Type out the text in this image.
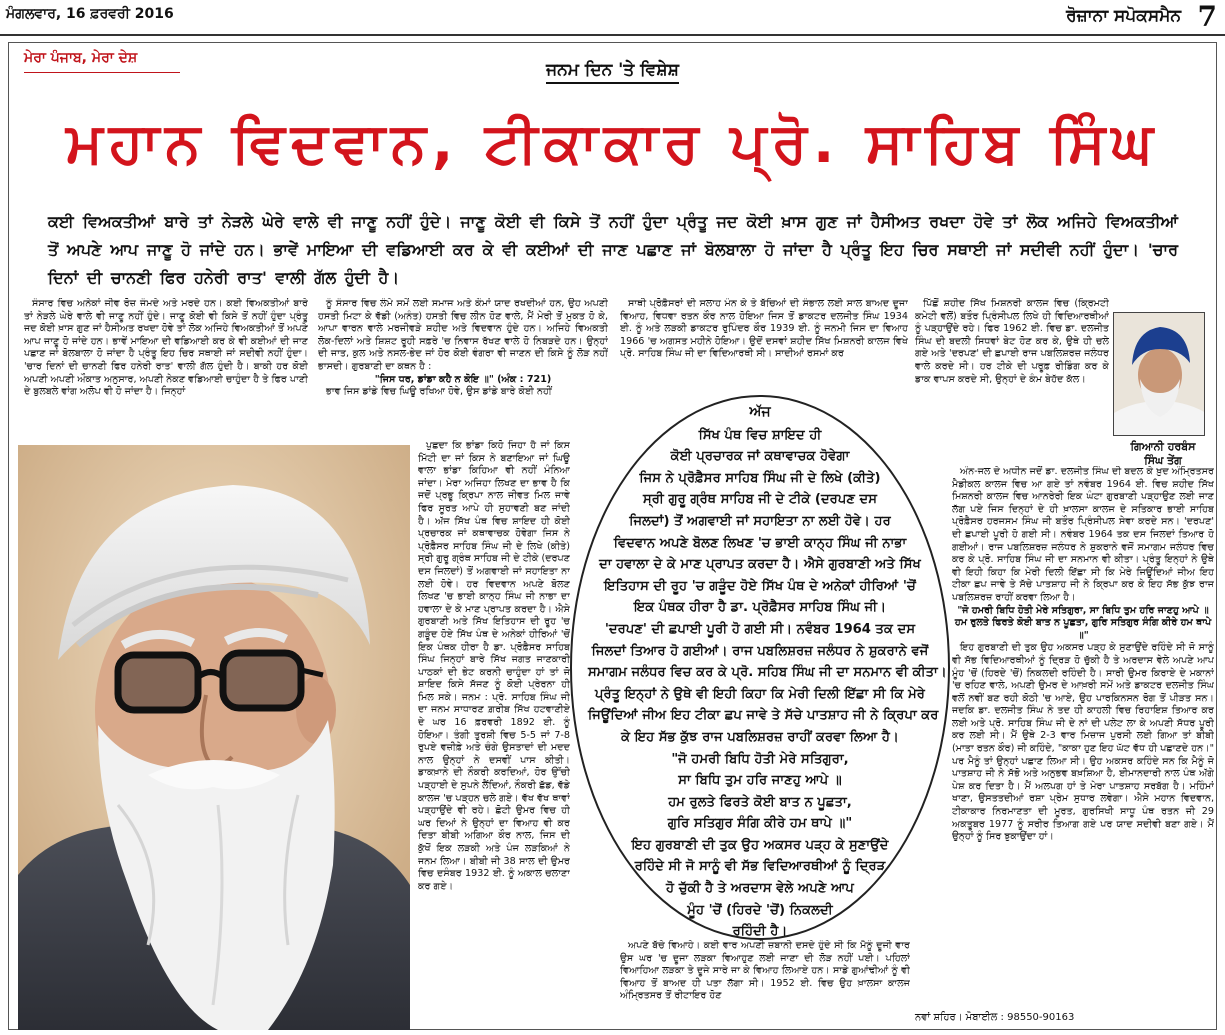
ਮੰਗਲਵਾਰ, 16 ਫ਼ਰਵਰੀ 2016	ਰੋਜ਼ਾਨਾ ਸਪੋਕਸਮੈਨ 7
ਮੇਰਾ ਪੰਜਾਬ, ਮੇਰਾ ਦੇਸ਼
ਜਨਮ ਦਿਨ 'ਤੇ ਵਿਸ਼ੇਸ਼
ਮਹਾਨ ਵਿਦਵਾਨ, ਟੀਕਾਕਾਰ ਪ੍ਰੋ. ਸਾਹਿਬ ਸਿੰਘ
ਕਈ ਵਿਅਕਤੀਆਂ ਬਾਰੇ ਤਾਂ ਨੇੜਲੇ ਘੇਰੇ ਵਾਲੇ ਵੀ ਜਾਣੂ ਨਹੀਂ ਹੁੰਦੇ। ਜਾਣੂ ਕੋਈ ਵੀ ਕਿਸੇ ਤੋਂ ਨਹੀਂ ਹੁੰਦਾ ਪ੍ਰੰਤੂ ਜਦ ਕੋਈ ਖ਼ਾਸ ਗੁਣ ਜਾਂ ਹੈਸੀਅਤ ਰਖਦਾ ਹੋਵੇ ਤਾਂ ਲੋਕ ਅਜਿਹੇ ਵਿਅਕਤੀਆਂ ਤੋਂ ਅਪਣੇ ਆਪ ਜਾਣੂ ਹੋ ਜਾਂਦੇ ਹਨ। ਭਾਵੇਂ ਮਾਇਆ ਦੀ ਵਡਿਆਈ ਕਰ ਕੇ ਵੀ ਕਈਆਂ ਦੀ ਜਾਣ ਪਛਾਣ ਜਾਂ ਬੋਲਬਾਲਾ ਹੋ ਜਾਂਦਾ ਹੈ ਪ੍ਰੰਤੂ ਇਹ ਚਿਰ ਸਥਾਈ ਜਾਂ ਸਦੀਵੀ ਨਹੀਂ ਹੁੰਦਾ। 'ਚਾਰ ਦਿਨਾਂ ਦੀ ਚਾਨਣੀ ਫਿਰ ਹਨੇਰੀ ਰਾਤ' ਵਾਲੀ ਗੱਲ ਹੁੰਦੀ ਹੈ।

ਸੰਸਾਰ ਵਿਚ ਅਨੇਕਾਂ ਜੀਵ ਰੋਜ਼ ਜੰਮਦੇ ਅਤੇ ਮਰਦੇ ਹਨ। ਕਈ ਵਿਅਕਤੀਆਂ ਬਾਰੇ ਤਾਂ ਨੇੜਲੇ ਘੇਰੇ ਵਾਲੇ ਵੀ ਜਾਣੂ ਨਹੀਂ ਹੁੰਦੇ। ਜਾਣੂ ਕੋਈ ਵੀ ਕਿਸੇ ਤੋਂ ਨਹੀਂ ਹੁੰਦਾ ਪ੍ਰੰਤੂ ਜਦ ਕੋਈ ਖ਼ਾਸ ਗੁਣ ਜਾਂ ਹੈਸੀਅਤ ਰਖਦਾ ਹੋਵੇ ਤਾਂ ਲੋਕ ਅਜਿਹੇ ਵਿਅਕਤੀਆਂ ਤੋਂ ਅਪਣੇ ਆਪ ਜਾਣੂ ਹੋ ਜਾਂਦੇ ਹਨ। ਭਾਵੇਂ ਮਾਇਆ ਦੀ ਵਡਿਆਈ ਕਰ ਕੇ ਵੀ ਕਈਆਂ ਦੀ ਜਾਣ ਪਛਾਣ ਜਾਂ ਬੋਲਬਾਲਾ ਹੋ ਜਾਂਦਾ ਹੈ ਪ੍ਰੰਤੂ ਇਹ ਚਿਰ ਸਥਾਈ ਜਾਂ ਸਦੀਵੀ ਨਹੀਂ ਹੁੰਦਾ। 'ਚਾਰ ਦਿਨਾਂ ਦੀ ਚਾਨਣੀ ਫਿਰ ਹਨੇਰੀ ਰਾਤ' ਵਾਲੀ ਗੱਲ ਹੁੰਦੀ ਹੈ। ਬਾਕੀ ਹਰ ਕੋਈ ਅਪਣੀ ਅਪਣੀ ਔਕਾਤ ਅਨੁਸਾਰ, ਅਪਣੀ ਨੇਕਣ ਵਡਿਆਈ ਚਾਹੁੰਦਾ ਹੈ ਤੇ ਫਿਰ ਪਾਣੀ ਦੇ ਬੁਲਬਲੇ ਵਾਂਗ ਅਲੋਪ ਵੀ ਹੋ ਜਾਂਦਾ ਹੈ। ਜਿਨ੍ਹਾਂ

ਨੂੰ ਸੰਸਾਰ ਵਿਚ ਲੰਮੇ ਸਮੇਂ ਲਈ ਸਮਾਜ ਅਤੇ ਕੌਮਾਂ ਯਾਦ ਰਖਦੀਆਂ ਹਨ, ਉਹ ਅਪਣੀ ਹਸਤੀ ਮਿਟਾ ਕੇ ਵੱਡੀ (ਅਨੰਤ) ਹਸਤੀ ਵਿਚ ਲੀਨ ਹੋਣ ਵਾਲੇ, ਮੈਂ ਮੇਰੀ ਤੋਂ ਮੁਕਤ ਹੋ ਕੇ, ਆਪਾ ਵਾਰਨ ਵਾਲੇ ਮਰਜੀਵੜੇ ਸ਼ਹੀਦ ਅਤੇ ਵਿਦਵਾਨ ਹੁੰਦੇ ਹਨ। ਅਜਿਹੇ ਵਿਅਕਤੀ ਲੋਕ-ਦਿਲਾਂ ਅਤੇ ਸ਼ਿਸ਼ਟ ਰੂਹੀ ਸਫ਼ਰੇ 'ਚ ਨਿਵਾਸ ਰੱਖਣ ਵਾਲੇ ਹੋ ਨਿਬੜਦੇ ਹਨ। ਉਨ੍ਹਾਂ ਦੀ ਜਾਤ, ਕੁਲ ਅਤੇ ਨਸਲ-ਭੇਦ ਜਾਂ ਹੋਰ ਕੋਈ ਵੰਗਰਾ ਵੀ ਜਾਣਨ ਦੀ ਕਿਸੇ ਨੂੰ ਲੋੜ ਨਹੀਂ ਭਾਸਦੀ। ਗੁਰਬਾਣੀ ਦਾ ਕਥਨ ਹੈ :

"ਜਿਸ ਧਰ, ਡਾਂਡਾ ਕਹੈ ਨ ਕੋਇ ॥" (ਅੰਕ : 721)

ਭਾਵ ਜਿਸ ਡਾਂਡੇ ਵਿਚ ਘਿਊ ਰਖਿਆ ਹੋਵੇ, ਉਸ ਡਾਂਡੇ ਬਾਰੇ ਕੋਈ ਨਹੀਂ

ਪੁਛਦਾ ਕਿ ਭਾਂਡਾ ਕਿਹੋ ਜਿਹਾ ਹੈ ਜਾਂ ਕਿਸ ਮਿੱਟੀ ਦਾ ਜਾਂ ਕਿਸ ਨੇ ਬਣਾਇਆ ਜਾਂ ਘਿਊ ਵਾਲਾ ਭਾਂਡਾ ਕਿਹਿਆ ਵੀ ਨਹੀਂ ਮੰਨਿਆ ਜਾਂਦਾ। ਮੇਰਾ ਅਜਿਹਾ ਲਿਖਣ ਦਾ ਭਾਵ ਹੈ ਕਿ ਜਦੋਂ ਪ੍ਰਭੂ ਕ੍ਰਿਪਾ ਨਾਲ ਜੀਵਤ ਮਿਲ ਜਾਵੇ ਫਿਰ ਸੂਰਤ ਆਪੇ ਹੀ ਸੁਹਾਵਣੀ ਬਣ ਜਾਂਦੀ ਹੈ। ਅੱਜ ਸਿੱਖ ਪੰਥ ਵਿਚ ਸ਼ਾਇਦ ਹੀ ਕੋਈ ਪ੍ਰਚਾਰਕ ਜਾਂ ਕਥਾਵਾਚਕ ਹੋਵੇਗਾ ਜਿਸ ਨੇ ਪ੍ਰੋਫ਼ੈਸਰ ਸਾਹਿਬ ਸਿੰਘ ਜੀ ਦੇ ਲਿਖੇ (ਕੀਤੇ) ਸ੍ਰੀ ਗੁਰੂ ਗ੍ਰੰਥ ਸਾਹਿਬ ਜੀ ਦੇ ਟੀਕੇ (ਦਰਪਣ ਦਸ ਜਿਲਦਾਂ) ਤੋਂ ਅਗਵਾਈ ਜਾਂ ਸਹਾਇਤਾ ਨਾ ਲਈ ਹੋਵੇ। ਹਰ ਵਿਦਵਾਨ ਅਪਣੇ ਬੋਲਣ ਲਿਖਣ 'ਚ ਭਾਈ ਕਾਨ੍ਹ ਸਿੰਘ ਜੀ ਨਾਭਾ ਦਾ ਹਵਾਲਾ ਦੇ ਕੇ ਮਾਣ ਪ੍ਰਾਪਤ ਕਰਦਾ ਹੈ। ਐਸੇ ਗੁਰਬਾਣੀ ਅਤੇ ਸਿੱਖ ਇਤਿਹਾਸ ਦੀ ਰੂਹ 'ਚ ਗੜੂੰਦ ਹੋਏ ਸਿੱਖ ਪੰਥ ਦੇ ਅਨੇਕਾਂ ਹੀਰਿਆਂ 'ਚੋਂ ਇਕ ਪੰਥਕ ਹੀਰਾ ਹੈ ਡਾ. ਪ੍ਰੋਫ਼ੈਸਰ ਸਾਹਿਬ ਸਿੰਘ ਜਿਨ੍ਹਾਂ ਬਾਰੇ ਸਿੱਖ ਜਗਤ ਜਾਣਕਾਰੀ ਪਾਠਕਾਂ ਦੀ ਭੇਟ ਕਰਨੀ ਚਾਹੁੰਦਾ ਹਾਂ ਤਾਂ ਜੋ ਸ਼ਾਇਦ ਕਿਸੇ ਸੱਜਣ ਨੂੰ ਕੋਈ ਪ੍ਰੇਰਨਾ ਹੀ ਮਿਲ ਸਕੇ। ਜਨਮ : ਪ੍ਰੋ. ਸਾਹਿਬ ਸਿੰਘ ਜੀ ਦਾ ਜਨਮ ਸਾਧਾਰਣ ਗ਼ਰੀਬ ਸਿੱਖ ਹਟਵਾਣੀਏ ਦੇ ਘਰ 16 ਫ਼ਰਵਰੀ 1892 ਈ. ਨੂੰ ਹੋਇਆ। ਤੰਗੀ ਤੁਰਸ਼ੀ ਵਿਚ 5-5 ਜਾਂ 7-8 ਰੁਪਏ ਵਜ਼ੀਫ਼ੇ ਅਤੇ ਚੰਗੇ ਉਸਤਾਦਾਂ ਦੀ ਮਦਦ ਨਾਲ ਉਨ੍ਹਾਂ ਨੇ ਦਸਵੀਂ ਪਾਸ ਕੀਤੀ। ਡਾਕਖ਼ਾਨੇ ਦੀ ਨੌਕਰੀ ਕਰਦਿਆਂ, ਹੋਰ ਉੱਚੀ ਪੜ੍ਹਾਈ ਦੇ ਸੁਪਨੇ ਲੈਂਦਿਆਂ, ਨੌਕਰੀ ਛੱਡ, ਵੱਡੇ ਕਾਲਜ 'ਚ ਪੜ੍ਹਨ ਚਲੇ ਗਏ। ਵੱਖ ਵੱਖ ਥਾਵਾਂ ਪੜ੍ਹਾਉਂਦੇ ਵੀ ਰਹੇ। ਛੋਟੀ ਉਮਰ ਵਿਚ ਹੀ ਘਰ ਦਿਆਂ ਨੇ ਉਨ੍ਹਾਂ ਦਾ ਵਿਆਹ ਵੀ ਕਰ ਦਿਤਾ ਬੀਬੀ ਅਗਿਆ ਕੌਰ ਨਾਲ, ਜਿਸ ਦੀ ਕੁੱਖੋਂ ਇਕ ਲੜਕੀ ਅਤੇ ਪੰਜ ਲੜਕਿਆਂ ਨੇ ਜਨਮ ਲਿਆ। ਬੀਬੀ ਜੀ 38 ਸਾਲ ਦੀ ਉਮਰ ਵਿਚ ਦਸੰਬਰ 1932 ਈ. ਨੂੰ ਅਕਾਲ ਚਲਾਣਾ ਕਰ ਗਏ।

ਸਾਥੀ ਪ੍ਰੋਫ਼ੈਸਰਾਂ ਦੀ ਸਲਾਹ ਮੰਨ ਕੇ ਤੇ ਬੱਚਿਆਂ ਦੀ ਸੰਭਾਲ ਲਈ ਸਾਲ ਬਾਅਦ ਦੂਜਾ ਵਿਆਹ, ਵਿਧਵਾ ਰਤਨ ਕੌਰ ਨਾਲ ਹੋਇਆ ਜਿਸ ਤੋਂ ਡਾਕਟਰ ਦਲਜੀਤ ਸਿੰਘ 1934 ਈ. ਨੂੰ ਅਤੇ ਲੜਕੀ ਡਾਕਟਰ ਰੁਪਿੰਦਰ ਕੌਰ 1939 ਈ. ਨੂੰ ਜਨਮੀ ਜਿਸ ਦਾ ਵਿਆਹ 1966 'ਚ ਅਗਸਤ ਮਹੀਨੇ ਹੋਇਆ। ਉਦੋਂ ਦਸਵਾਂ ਸ਼ਹੀਦ ਸਿੱਖ ਮਿਸ਼ਨਰੀ ਕਾਲਜ ਵਿਖੇ ਪ੍ਰੋ. ਸਾਹਿਬ ਸਿੰਘ ਜੀ ਦਾ ਵਿਦਿਆਰਥੀ ਸੀ। ਸਾਦੀਆਂ ਰਸਮਾਂ ਕਰ

ਅਪਣੇ ਬੱਚੇ ਵਿਆਹੇ। ਕਈ ਵਾਰ ਅਪਣੀ ਜ਼ਬਾਨੀ ਦਸਦੇ ਹੁੰਦੇ ਸੀ ਕਿ ਮੈਨੂੰ ਦੂਜੀ ਵਾਰ ਉਸ ਘਰ 'ਚ ਦੂਜਾ ਲੜਕਾ ਵਿਆਹੁਣ ਲਈ ਜਾਣਾ ਦੀ ਲੋੜ ਨਹੀਂ ਪਈ। ਪਹਿਲਾਂ ਵਿਆਹਿਆ ਲੜਕਾ ਤੇ ਦੂਜੇ ਸਾਰੇ ਜਾ ਕੇ ਵਿਆਹ ਲਿਆਏ ਹਨ। ਸਾਡੇ ਗੁਆਂਢੀਆਂ ਨੂੰ ਵੀ ਵਿਆਹ ਤੋਂ ਬਾਅਦ ਹੀ ਪਤਾ ਲੱਗਾ ਸੀ। 1952 ਈ. ਵਿਚ ਉਹ ਖ਼ਾਲਸਾ ਕਾਲਜ ਅੰਮ੍ਰਿਤਸਰ ਤੋਂ ਰੀਟਾਇਰ ਹੋਣ

ਪਿੱਛੋਂ ਸ਼ਹੀਦ ਸਿੱਖ ਮਿਸ਼ਨਰੀ ਕਾਲਜ ਵਿਚ (ਕ੍ਰਿਮਟੀ ਕਮੇਟੀ ਵਲੋਂ) ਬਤੌਰ ਪ੍ਰਿੰਸੀਪਲ ਲਿਖੇ ਹੀ ਵਿਦਿਆਰਥੀਆਂ ਨੂੰ ਪੜ੍ਹਾਉਂਦੇ ਰਹੇ। ਫਿਰ 1962 ਈ. ਵਿਚ ਡਾ. ਦਲਜੀਤ ਸਿੰਘ ਦੀ ਬਦਲੀ ਸਿਧਵਾਂ ਬੇਟ ਹੋਣ ਕਰ ਕੇ, ਉਥੇ ਹੀ ਚਲੇ ਗਏ ਅਤੇ 'ਦਰਪਣ' ਦੀ ਛਪਾਈ ਰਾਜ ਪਬਲਿਸ਼ਰਜ਼ ਜਲੰਧਰ ਵਾਲੇ ਕਰਦੇ ਸੀ। ਹਰ ਟੀਕੇ ਦੀ ਪਰੂਫ਼ ਰੀਡਿੰਗ ਕਰ ਕੇ ਡਾਕ ਵਾਪਸ ਕਰਦੇ ਸੀ, ਉਨ੍ਹਾਂ ਦੇ ਕੰਮ ਬੇਹੱਦ ਕੱਲ।

ਅੰਨ-ਜਲ ਦੇ ਅਧੀਨ ਜਦੋਂ ਡਾ. ਦਲਜੀਤ ਸਿੰਘ ਦੀ ਬਦਲ ਕੇ ਖ਼ੁਦ ਅੰਮ੍ਰਿਤਸਰ ਮੈਡੀਕਲ ਕਾਲਜ ਵਿਚ ਆ ਗਏ ਤਾਂ ਨਵੰਬਰ 1964 ਈ. ਵਿਚ ਸ਼ਹੀਦ ਸਿੱਖ ਮਿਸ਼ਨਰੀ ਕਾਲਜ ਵਿਚ ਆਨਰੇਰੀ ਇਕ ਘੰਟਾ ਗੁਰਬਾਣੀ ਪੜ੍ਹਾਉਣ ਲਈ ਜਾਣ ਲੱਗ ਪਏ ਜਿਸ ਦਿਨ੍ਹਾਂ ਦੇ ਹੀ ਖ਼ਾਲਸਾ ਕਾਲਜ ਦੇ ਸਤਿਕਾਰ ਭਾਈ ਸਾਹਿਬ ਪ੍ਰੋਫ਼ੈਸਰ ਹਰਜਸਮ ਸਿੰਘ ਜੀ ਬਤੌਰ ਪ੍ਰਿੰਸੀਪਲ ਸੇਵਾ ਕਰਦੇ ਸਨ। 'ਦਰਪਣ' ਦੀ ਛਪਾਈ ਪੂਰੀ ਹੋ ਗਈ ਸੀ। ਨਵੰਬਰ 1964 ਤਕ ਦਸ ਜਿਲਦਾਂ ਤਿਆਰ ਹੋ ਗਈਆਂ। ਰਾਜ ਪਬਲਿਸ਼ਰਜ਼ ਜਲੰਧਰ ਨੇ ਸ਼ੁਕਰਾਨੇ ਵਜੋਂ ਸਮਾਗਮ ਜਲੰਧਰ ਵਿਚ ਕਰ ਕੇ ਪ੍ਰੋ. ਸਾਹਿਬ ਸਿੰਘ ਜੀ ਦਾ ਸਨਮਾਨ ਵੀ ਕੀਤਾ। ਪ੍ਰੰਤੂ ਇਨ੍ਹਾਂ ਨੇ ਉਥੇ ਵੀ ਇਹੀ ਕਿਹਾ ਕਿ ਮੇਰੀ ਦਿਲੀ ਇੱਛਾ ਸੀ ਕਿ ਮੇਰੇ ਜਿਊਂਦਿਆਂ ਜੀਅ ਇਹ ਟੀਕਾ ਛਪ ਜਾਵੇ ਤੇ ਸੱਚੇ ਪਾਤਸ਼ਾਹ ਜੀ ਨੇ ਕ੍ਰਿਪਾ ਕਰ ਕੇ ਇਹ ਸੱਭ ਕੁੱਝ ਰਾਜ ਪਬਲਿਸ਼ਰਜ਼ ਰਾਹੀਂ ਕਰਵਾ ਲਿਆ ਹੈ।

"ਜੋ ਹਮਰੀ ਬਿਧਿ ਹੋਤੀ ਮੇਰੇ ਸਤਿਗੁਰਾ, ਸਾ ਬਿਧਿ ਤੁਮ ਹਰਿ ਜਾਣਹੁ ਆਪੇ ॥ ਹਮ ਰੁਲਤੇ ਫਿਰਤੇ ਕੋਈ ਬਾਤ ਨ ਪੂਛਤਾ, ਗੁਰਿ ਸਤਿਗੁਰ ਸੰਗਿ ਕੀਰੇ ਹਮ ਥਾਪੇ ॥"

ਇਹ ਗੁਰਬਾਣੀ ਦੀ ਤੁਕ ਉਹ ਅਕਸਰ ਪੜ੍ਹ ਕੇ ਸੁਣਾਉਂਦੇ ਰਹਿੰਦੇ ਸੀ ਜੋ ਸਾਨੂੰ ਵੀ ਸੱਭ ਵਿਦਿਆਰਥੀਆਂ ਨੂੰ ਦ੍ਰਿੜ ਹੋ ਚੁੱਕੀ ਹੈ ਤੇ ਅਰਦਾਸ ਵੇਲੇ ਅਪਣੇ ਆਪ ਮੂੰਹ 'ਚੋਂ (ਹਿਰਦੇ 'ਚੋਂ) ਨਿਕਲਦੀ ਰਹਿੰਦੀ ਹੈ। ਸਾਰੀ ਉਮਰ ਕਿਰਾਏ ਦੇ ਮਕਾਨਾਂ 'ਚ ਰਹਿਣ ਵਾਲੇ, ਅਪਣੀ ਉਮਰ ਦੇ ਆਖ਼ਰੀ ਸਮੇਂ ਅਤੇ ਡਾਕਟਰ ਦਲਜੀਤ ਸਿੰਘ ਵਲੋਂ ਨਵੀਂ ਬਣ ਰਹੀ ਕੋਠੀ 'ਚ ਆਏ, ਉਹ ਪਾਰਕਿਨਸਨ ਰੋਗ ਤੋਂ ਪੀੜਤ ਸਨ। ਜਦਕਿ ਡਾ. ਦਲਜੀਤ ਸਿੰਘ ਨੇ ਤਦ ਹੀ ਕਾਹਲੀ ਵਿਚ ਰਿਹਾਇਸ਼ ਤਿਆਰ ਕਰ ਲਈ ਅਤੇ ਪ੍ਰੋ. ਸਾਹਿਬ ਸਿੰਘ ਜੀ ਦੇ ਨਾਂ ਦੀ ਪਲੇਟ ਲਾ ਕੇ ਅਪਣੀ ਸੱਧਰ ਪੂਰੀ ਕਰ ਲਈ ਸੀ। ਮੈਂ ਉਥੇ 2-3 ਵਾਰ ਮਿਜ਼ਾਜ ਪੁਰਸੀ ਲਈ ਗਿਆ ਤਾਂ ਬੀਬੀ (ਮਾਤਾ ਰਤਨ ਕੌਰ) ਜੀ ਕਹਿੰਦੇ, "ਕਾਕਾ ਹੁਣ ਇਹ ਘੱਟ ਵੱਧ ਹੀ ਪਛਾਣਦੇ ਹਨ।" ਪਰ ਮੈਨੂੰ ਤਾਂ ਉਨ੍ਹਾਂ ਪਛਾਣ ਲਿਆ ਸੀ। ਉਹ ਅਕਸਰ ਕਹਿੰਦੇ ਸਨ ਕਿ ਮੈਨੂੰ ਜੋ ਪਾਤਸ਼ਾਹ ਜੀ ਨੇ ਸੱਭੋ ਅਤੇ ਅਨੁਭਵ ਬਖ਼ਸ਼ਿਆ ਹੈ, ਈਮਾਨਦਾਰੀ ਨਾਲ ਪੰਥ ਅੱਗੇ ਪੇਸ਼ ਕਰ ਦਿਤਾ ਹੈ। ਮੈਂ ਅਲਪਗ ਹਾਂ ਤੇ ਮੇਰਾ ਪਾਤਸ਼ਾਹ ਸਰਬੱਗ ਹੈ। ਮਹਿੰਮਾਂ ਖਾਣਾ, ਉਸਤਤਦੀਆਂ ਰਸ਼ਾ ਪ੍ਰੇਮ ਸੁਧਾਰ ਲਵੇਗਾ। ਐਸੇ ਮਹਾਨ ਵਿਦਵਾਨ, ਟੀਕਾਕਾਰ ਨਿਰਮਾਣਤਾ ਦੀ ਮੂਰਤ, ਗੁਰਸਿਖੀ ਸਾਧੂ ਪੰਥ ਰਤਨ ਜੀ 29 ਅਕਤੂਬਰ 1977 ਨੂੰ ਸਰੀਰ ਤਿਆਗ ਗਏ ਪਰ ਯਾਦ ਸਦੀਵੀ ਬਣਾ ਗਏ। ਮੈਂ ਉਨ੍ਹਾਂ ਨੂੰ ਸਿਰ ਝੁਕਾਉਂਦਾ ਹਾਂ।

ਅੱਜ
ਸਿੱਖ ਪੰਥ ਵਿਚ ਸ਼ਾਇਦ ਹੀ
ਕੋਈ ਪ੍ਰਚਾਰਕ ਜਾਂ ਕਥਾਵਾਚਕ ਹੋਵੇਗਾ
ਜਿਸ ਨੇ ਪ੍ਰੋਫ਼ੈਸਰ ਸਾਹਿਬ ਸਿੰਘ ਜੀ ਦੇ ਲਿਖੇ (ਕੀਤੇ)
ਸ੍ਰੀ ਗੁਰੂ ਗ੍ਰੰਥ ਸਾਹਿਬ ਜੀ ਦੇ ਟੀਕੇ (ਦਰਪਣ ਦਸ
ਜਿਲਦਾਂ) ਤੋਂ ਅਗਵਾਈ ਜਾਂ ਸਹਾਇਤਾ ਨਾ ਲਈ ਹੋਵੇ। ਹਰ
ਵਿਦਵਾਨ ਅਪਣੇ ਬੋਲਣ ਲਿਖਣ 'ਚ ਭਾਈ ਕਾਨ੍ਹ ਸਿੰਘ ਜੀ ਨਾਭਾ
ਦਾ ਹਵਾਲਾ ਦੇ ਕੇ ਮਾਣ ਪ੍ਰਾਪਤ ਕਰਦਾ ਹੈ। ਐਸੇ ਗੁਰਬਾਣੀ ਅਤੇ ਸਿੱਖ
ਇਤਿਹਾਸ ਦੀ ਰੂਹ 'ਚ ਗੜੂੰਦ ਹੋਏ ਸਿੱਖ ਪੰਥ ਦੇ ਅਨੇਕਾਂ ਹੀਰਿਆਂ 'ਚੋਂ
ਇਕ ਪੰਥਕ ਹੀਰਾ ਹੈ ਡਾ. ਪ੍ਰੋਫ਼ੈਸਰ ਸਾਹਿਬ ਸਿੰਘ ਜੀ।
'ਦਰਪਣ' ਦੀ ਛਪਾਈ ਪੂਰੀ ਹੋ ਗਈ ਸੀ। ਨਵੰਬਰ 1964 ਤਕ ਦਸ
ਜਿਲਦਾਂ ਤਿਆਰ ਹੋ ਗਈਆਂ। ਰਾਜ ਪਬਲਿਸ਼ਰਜ਼ ਜਲੰਧਰ ਨੇ ਸ਼ੁਕਰਾਨੇ ਵਜੋਂ
ਸਮਾਗਮ ਜਲੰਧਰ ਵਿਚ ਕਰ ਕੇ ਪ੍ਰੋ. ਸਹਿਬ ਸਿੰਘ ਜੀ ਦਾ ਸਨਮਾਨ ਵੀ ਕੀਤਾ।
ਪ੍ਰੰਤੂ ਇਨ੍ਹਾਂ ਨੇ ਉਥੇ ਵੀ ਇਹੀ ਕਿਹਾ ਕਿ ਮੇਰੀ ਦਿਲੀ ਇੱਛਾ ਸੀ ਕਿ ਮੇਰੇ
ਜਿਊਂਦਿਆਂ ਜੀਅ ਇਹ ਟੀਕਾ ਛਪ ਜਾਵੇ ਤੇ ਸੱਚੇ ਪਾਤਸ਼ਾਹ ਜੀ ਨੇ ਕ੍ਰਿਪਾ ਕਰ
ਕੇ ਇਹ ਸੱਭ ਕੁੱਝ ਰਾਜ ਪਬਲਿਸ਼ਰਜ਼ ਰਾਹੀਂ ਕਰਵਾ ਲਿਆ ਹੈ।
"ਜੋ ਹਮਰੀ ਬਿਧਿ ਹੋਤੀ ਮੇਰੇ ਸਤਿਗੁਰਾ,
ਸਾ ਬਿਧਿ ਤੁਮ ਹਰਿ ਜਾਣਹੁ ਆਪੇ ॥
ਹਮ ਰੁਲਤੇ ਫਿਰਤੇ ਕੋਈ ਬਾਤ ਨ ਪੂਛਤਾ,
ਗੁਰਿ ਸਤਿਗੁਰ ਸੰਗਿ ਕੀਰੇ ਹਮ ਥਾਪੇ ॥"
ਇਹ ਗੁਰਬਾਣੀ ਦੀ ਤੁਕ ਉਹ ਅਕਸਰ ਪੜ੍ਹ ਕੇ ਸੁਣਾਉਂਦੇ
ਰਹਿੰਦੇ ਸੀ ਜੋ ਸਾਨੂੰ ਵੀ ਸੱਭ ਵਿਦਿਆਰਥੀਆਂ ਨੂੰ ਦ੍ਰਿੜ
ਹੋ ਚੁੱਕੀ ਹੈ ਤੇ ਅਰਦਾਸ ਵੇਲੇ ਅਪਣੇ ਆਪ
ਮੂੰਹ 'ਚੋਂ (ਹਿਰਦੇ 'ਚੋਂ) ਨਿਕਲਦੀ
ਰਹਿੰਦੀ ਹੈ।
ਗਿਆਨੀ ਹਰਬੰਸ
ਸਿੰਘ ਤੇਂਗ
ਨਵਾਂ ਸ਼ਹਿਰ। ਮੋਬਾਈਲ : 98550-90163
